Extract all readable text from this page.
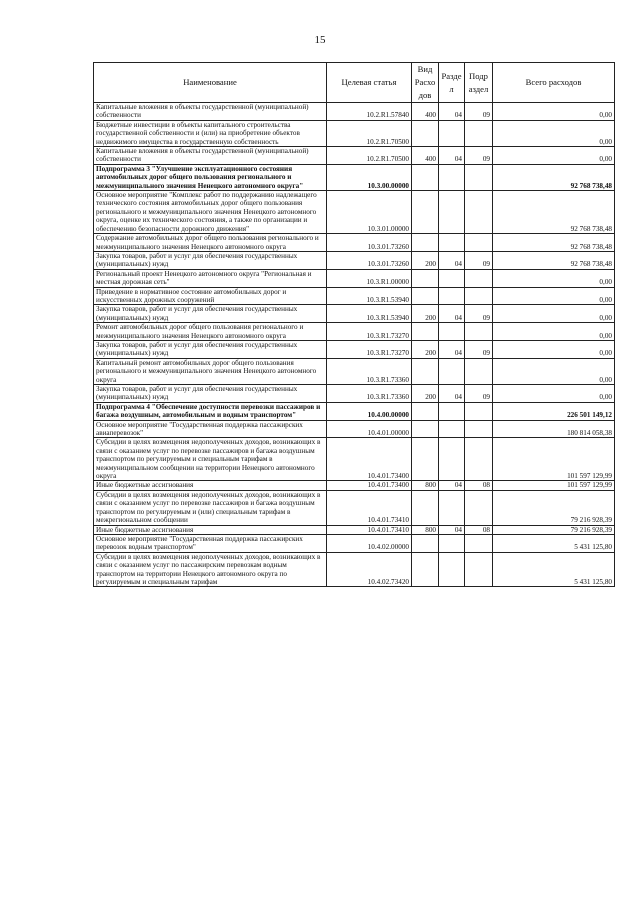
15
Наименование	Целевая статья	Вид Расхо дов	Разде л	Подр аздел	Всего расходов
Капитальные вложения в объекты государственной (муниципальной) собственности	10.2.R1.57840	400	04	09	0,00
Бюджетные инвестиции в объекты капитального строительства государственной собственности и (или) на приобретение объектов недвижимого имущества в государственную собственность	10.2.R1.70500				0,00
Капитальные вложения в объекты государственной (муниципальной) собственности	10.2.R1.70500	400	04	09	0,00
Подпрограмма 3 "Улучшение эксплуатационного состояния автомобильных дорог общего пользования регионального и межмуниципального значения Ненецкого автономного округа"	10.3.00.00000				92 768 738,48
Основное мероприятие "Комплекс работ по поддержанию надлежащего технического состояния автомобильных дорог общего пользования регионального и межмуниципального значения Ненецкого автономного округа, оценке их технического состояния, а также по организации и обеспечению безопасности дорожного движения"	10.3.01.00000				92 768 738,48
Содержание автомобильных дорог общего пользования регионального и межмуниципального значения Ненецкого автономного округа	10.3.01.73260				92 768 738,48
Закупка товаров, работ и услуг для обеспечения государственных (муниципальных) нужд	10.3.01.73260	200	04	09	92 768 738,48
Региональный проект Ненецкого автономного округа "Региональная и местная дорожная сеть"	10.3.R1.00000				0,00
Приведение в нормативное состояние автомобильных дорог и искусственных дорожных сооружений	10.3.R1.53940				0,00
Закупка товаров, работ и услуг для обеспечения государственных (муниципальных) нужд	10.3.R1.53940	200	04	09	0,00
Ремонт автомобильных дорог общего пользования регионального и межмуниципального значения Ненецкого автономного округа	10.3.R1.73270				0,00
Закупка товаров, работ и услуг для обеспечения государственных (муниципальных) нужд	10.3.R1.73270	200	04	09	0,00
Капитальный ремонт автомобильных дорог общего пользования регионального и межмуниципального значения Ненецкого автономного округа	10.3.R1.73360				0,00
Закупка товаров, работ и услуг для обеспечения государственных (муниципальных) нужд	10.3.R1.73360	200	04	09	0,00
Подпрограмма 4 "Обеспечение доступности перевозки пассажиров и багажа воздушным, автомобильным и водным транспортом"	10.4.00.00000				226 501 149,12
Основное мероприятие "Государственная поддержка пассажирских авиаперевозок"	10.4.01.00000				180 814 058,38
Субсидии в целях возмещения недополученных доходов, возникающих в связи с оказанием услуг по перевозке пассажиров и багажа воздушным транспортом по регулируемым и специальным тарифам в межмуниципальном сообщении на территории Ненецкого автономного округа	10.4.01.73400				101 597 129,99
Иные бюджетные ассигнования	10.4.01.73400	800	04	08	101 597 129,99
Субсидии в целях возмещения недополученных доходов, возникающих в связи с оказанием услуг по перевозке пассажиров и багажа воздушным транспортом по регулируемым и (или) специальным тарифам в межрегиональном сообщении	10.4.01.73410				79 216 928,39
Иные бюджетные ассигнования	10.4.01.73410	800	04	08	79 216 928,39
Основное мероприятие "Государственная поддержка пассажирских перевозок водным транспортом"	10.4.02.00000				5 431 125,80
Субсидии в целях возмещения недополученных доходов, возникающих в связи с оказанием услуг по пассажирским перевозкам водным транспортом на территории Ненецкого автономного округа по регулируемым и специальным тарифам	10.4.02.73420				5 431 125,80
